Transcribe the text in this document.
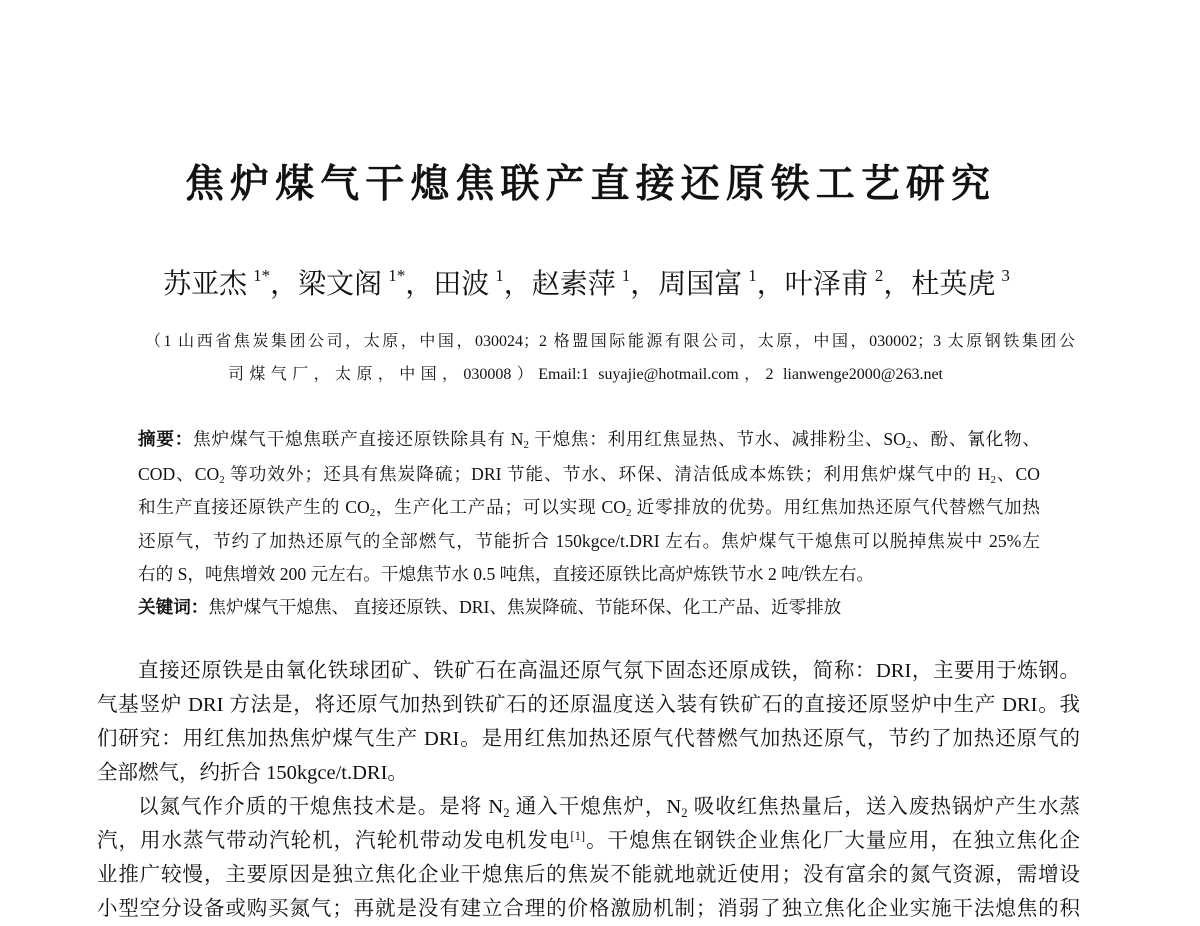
焦炉煤气干熄焦联产直接还原铁工艺研究
苏亚杰 $^{1*}$ ， 梁文阁 $^{1*}$ ， 田波 $^1$ ， 赵素萍 $^1$ ， 周国富 $^1$ ， 叶泽甫 $^2$ ， 杜英虎 $^3$
（1 山西省焦炭集团公司，太原，中国，030024；2 格盟国际能源有限公司，太原，中国，030002；3 太原钢铁集团公
司煤气厂，太原，中国，030008）Email:1 suyajie@hotmail.com，2 lianwenge2000@263.net
摘要：焦炉煤气干熄焦联产直接还原铁除具有 $N_2$ 干熄焦：利用红焦显热、节水、减排粉尘、$SO_2$、酚、氰化物、
COD、$CO_2$ 等功效外；还具有焦炭降硫；DRI 节能、节水、环保、清洁低成本炼铁；利用焦炉煤气中的 $H_2$、CO
和生产直接还原铁产生的 $CO_2$，生产化工产品；可以实现 $CO_2$ 近零排放的优势。用红焦加热还原气代替燃气加热
还原气，节约了加热还原气的全部燃气，节能折合 150kgce/t.DRI 左右。焦炉煤气干熄焦可以脱掉焦炭中 25%左
右的 S，吨焦增效 200 元左右。干熄焦节水 0.5 吨焦，直接还原铁比高炉炼铁节水 2 吨/铁左右。
关键词：焦炉煤气干熄焦、 直接还原铁、DRI、焦炭降硫、节能环保、化工产品、近零排放
直接还原铁是由氧化铁球团矿、铁矿石在高温还原气氛下固态还原成铁，简称：DRI，主要用于炼钢。
气基竖炉 DRI 方法是，将还原气加热到铁矿石的还原温度送入装有铁矿石的直接还原竖炉中生产 DRI。我
们研究：用红焦加热焦炉煤气生产 DRI。是用红焦加热还原气代替燃气加热还原气，节约了加热还原气的
全部燃气，约折合 150kgce/t.DRI。
以氮气作介质的干熄焦技术是。是将 $N_2$ 通入干熄焦炉，$N_2$ 吸收红焦热量后，送入废热锅炉产生水蒸
汽，用水蒸气带动汽轮机，汽轮机带动发电机发电[1]。干熄焦在钢铁企业焦化厂大量应用，在独立焦化企
业推广较慢，主要原因是独立焦化企业干熄焦后的焦炭不能就地就近使用；没有富余的氮气资源，需增设
小型空分设备或购买氮气；再就是没有建立合理的价格激励机制；消弱了独立焦化企业实施干法熄焦的积
